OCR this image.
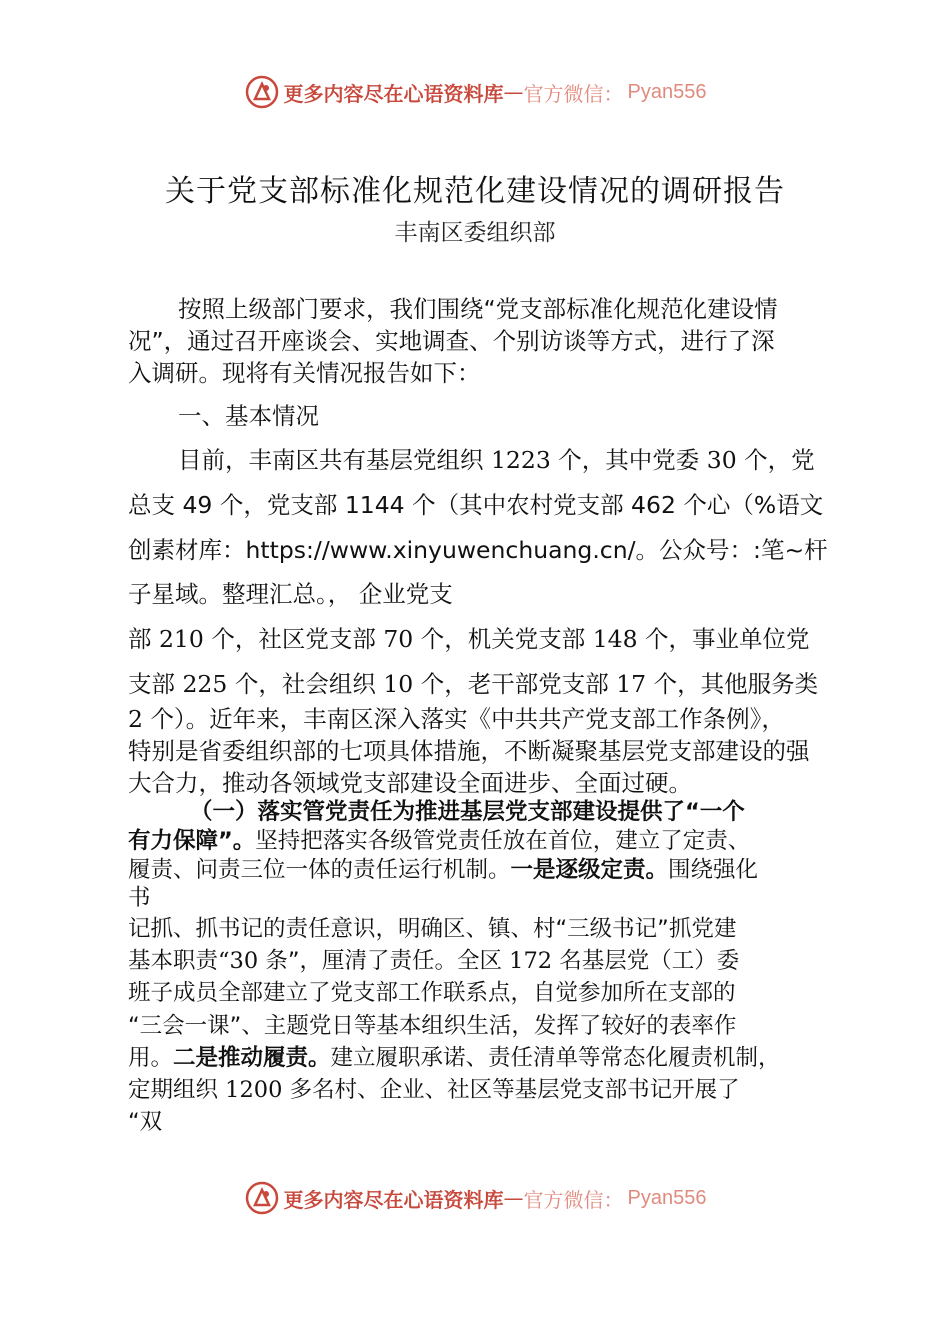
更多内容尽在心语资料库 — 官方微信： Pyan556
关于党支部标准化规范化建设情况的调研报告
丰南区委组织部
按照上级部门要求，我们围绕“党支部标准化规范化建设情
况”，通过召开座谈会、实地调查、个别访谈等方式，进行了深
入调研。现将有关情况报告如下：
一、基本情况
目前，丰南区共有基层党组织 1223 个，其中党委 30 个，党
总支 49 个，党支部 1144 个（其中农村党支部 462 个心（%语文
创素材库：https://www.xinyuwenchuang.cn/。公众号：:笔~杆
子星域。整理汇总。， 企业党支
部 210 个，社区党支部 70 个，机关党支部 148 个，事业单位党
支部 225 个，社会组织 10 个，老干部党支部 17 个，其他服务类
2 个）。近年来，丰南区深入落实《中共共产党支部工作条例》，
特别是省委组织部的七项具体措施，不断凝聚基层党支部建设的强
大合力，推动各领域党支部建设全面进步、全面过硬。
（一）落实管党责任为推进基层党支部建设提供了“一个
有力保障”。坚持把落实各级管党责任放在首位，建立了定责、
履责、问责三位一体的责任运行机制。一是逐级定责。围绕强化
书
记抓、抓书记的责任意识，明确区、镇、村“三级书记”抓党建
基本职责“30 条”，厘清了责任。全区 172 名基层党（工）委
班子成员全部建立了党支部工作联系点，自觉参加所在支部的
“三会一课”、主题党日等基本组织生活，发挥了较好的表率作
用。二是推动履责。建立履职承诺、责任清单等常态化履责机制，
定期组织 1200 多名村、企业、社区等基层党支部书记开展了
“双
更多内容尽在心语资料库 — 官方微信： Pyan556
